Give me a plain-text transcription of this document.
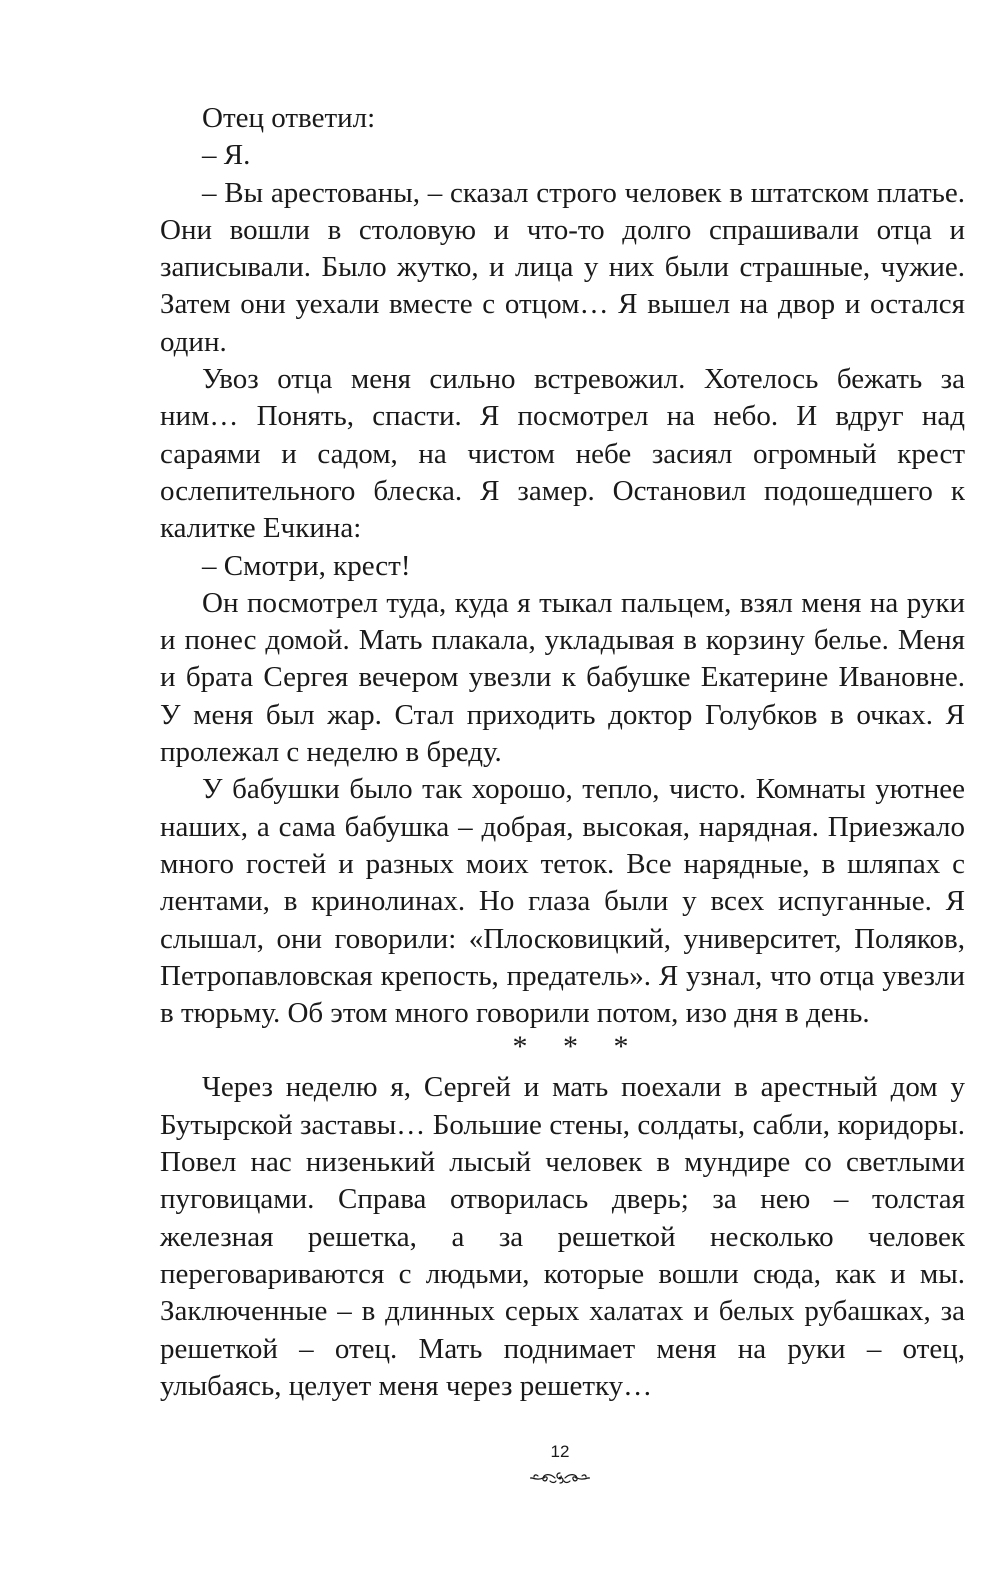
Отец ответил:

– Я.

– Вы арестованы, – сказал строго человек в штатском платье. Они вошли в столовую и что-то долго спрашивали отца и записывали. Было жутко, и лица у них были страшные, чужие. Затем они уехали вместе с отцом… Я вышел на двор и остался один.

Увоз отца меня сильно встревожил. Хотелось бежать за ним… Понять, спасти. Я посмотрел на небо. И вдруг над сараями и садом, на чистом небе засиял огромный крест ослепительного блеска. Я замер. Остановил подошедшего к калитке Ечкина:

– Смотри, крест!

Он посмотрел туда, куда я тыкал пальцем, взял меня на руки и понес домой. Мать плакала, укладывая в корзину белье. Меня и брата Сергея вечером увезли к бабушке Екатерине Ивановне. У меня был жар. Стал приходить доктор Голубков в очках. Я пролежал с неделю в бреду.

У бабушки было так хорошо, тепло, чисто. Комнаты уютнее наших, а сама бабушка – добрая, высокая, нарядная. Приезжало много гостей и разных моих теток. Все нарядные, в шляпах с лентами, в кринолинах. Но глаза были у всех испуганные. Я слышал, они говорили: «Плосковицкий, университет, Поляков, Петропавловская крепость, предатель». Я узнал, что отца увезли в тюрьму. Об этом много говорили потом, изо дня в день.

* * *

Через неделю я, Сергей и мать поехали в арестный дом у Бутырской заставы… Большие стены, солдаты, сабли, коридоры. Повел нас низенький лысый человек в мундире со светлыми пуговицами. Справа отворилась дверь; за нею – толстая железная решетка, а за решеткой несколько человек переговариваются с людьми, которые вошли сюда, как и мы. Заключенные – в длинных серых халатах и белых рубашках, за решеткой – отец. Мать поднимает меня на руки – отец, улыбаясь, целует меня через решетку…

12
